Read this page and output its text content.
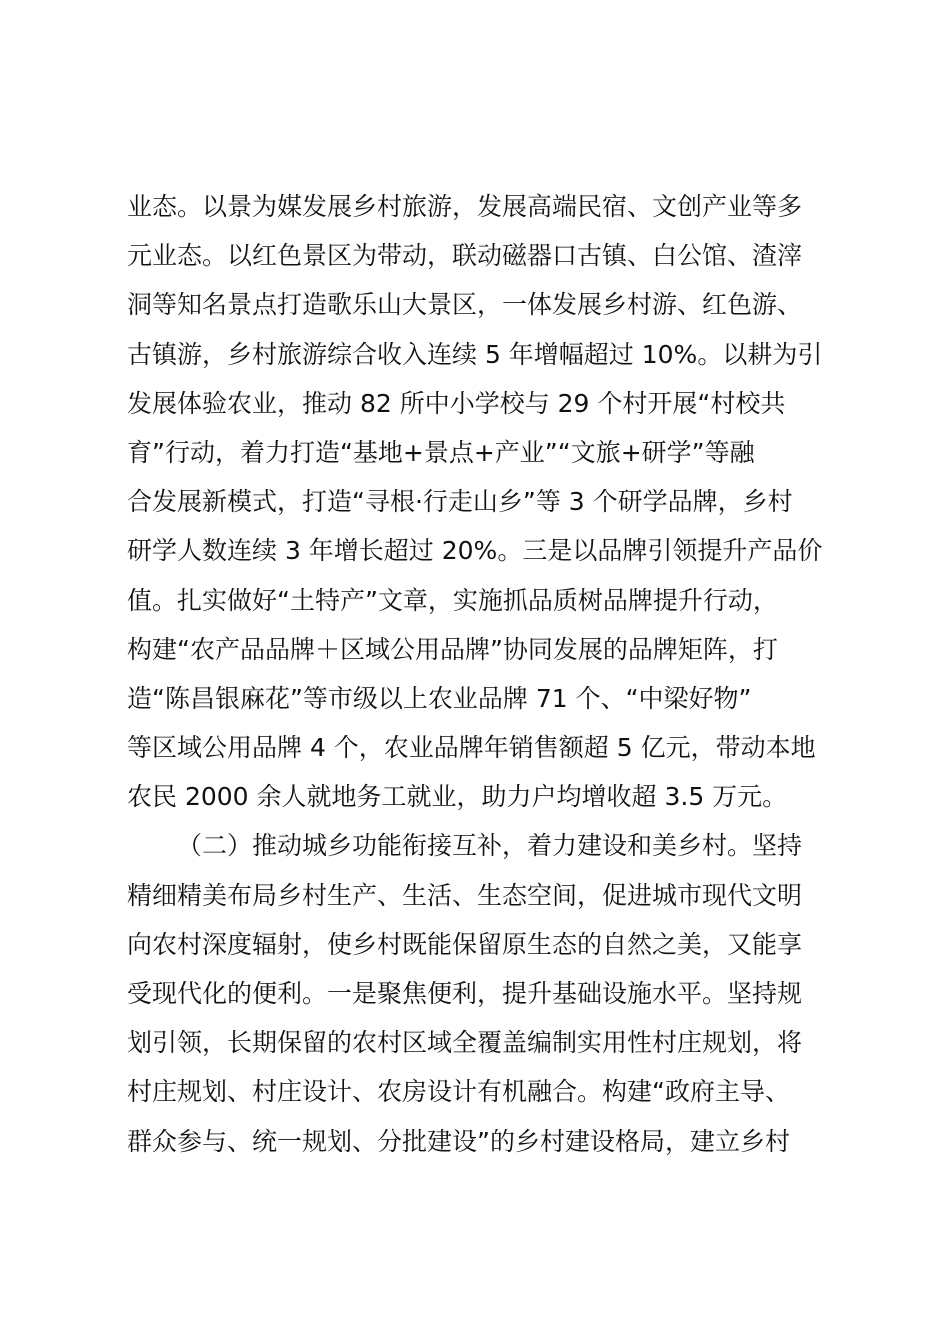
业态。以景为媒发展乡村旅游，发展高端民宿、文创产业等多
元业态。以红色景区为带动，联动磁器口古镇、白公馆、渣滓
洞等知名景点打造歌乐山大景区，一体发展乡村游、红色游、
古镇游，乡村旅游综合收入连续 5 年增幅超过 10%。以耕为引
发展体验农业，推动 82 所中小学校与 29 个村开展“村校共
育”行动，着力打造“基地+景点+产业”“文旅+研学”等融
合发展新模式，打造“寻根·行走山乡”等 3 个研学品牌，乡村
研学人数连续 3 年增长超过 20%。三是以品牌引领提升产品价
值。扎实做好“土特产”文章，实施抓品质树品牌提升行动，
构建“农产品品牌＋区域公用品牌”协同发展的品牌矩阵，打
造“陈昌银麻花”等市级以上农业品牌 71 个、“中梁好物”
等区域公用品牌 4 个，农业品牌年销售额超 5 亿元，带动本地
农民 2000 余人就地务工就业，助力户均增收超 3.5 万元。
（二）推动城乡功能衔接互补，着力建设和美乡村。坚持
精细精美布局乡村生产、生活、生态空间，促进城市现代文明
向农村深度辐射，使乡村既能保留原生态的自然之美，又能享
受现代化的便利。一是聚焦便利，提升基础设施水平。坚持规
划引领，长期保留的农村区域全覆盖编制实用性村庄规划，将
村庄规划、村庄设计、农房设计有机融合。构建“政府主导、
群众参与、统一规划、分批建设”的乡村建设格局，建立乡村
